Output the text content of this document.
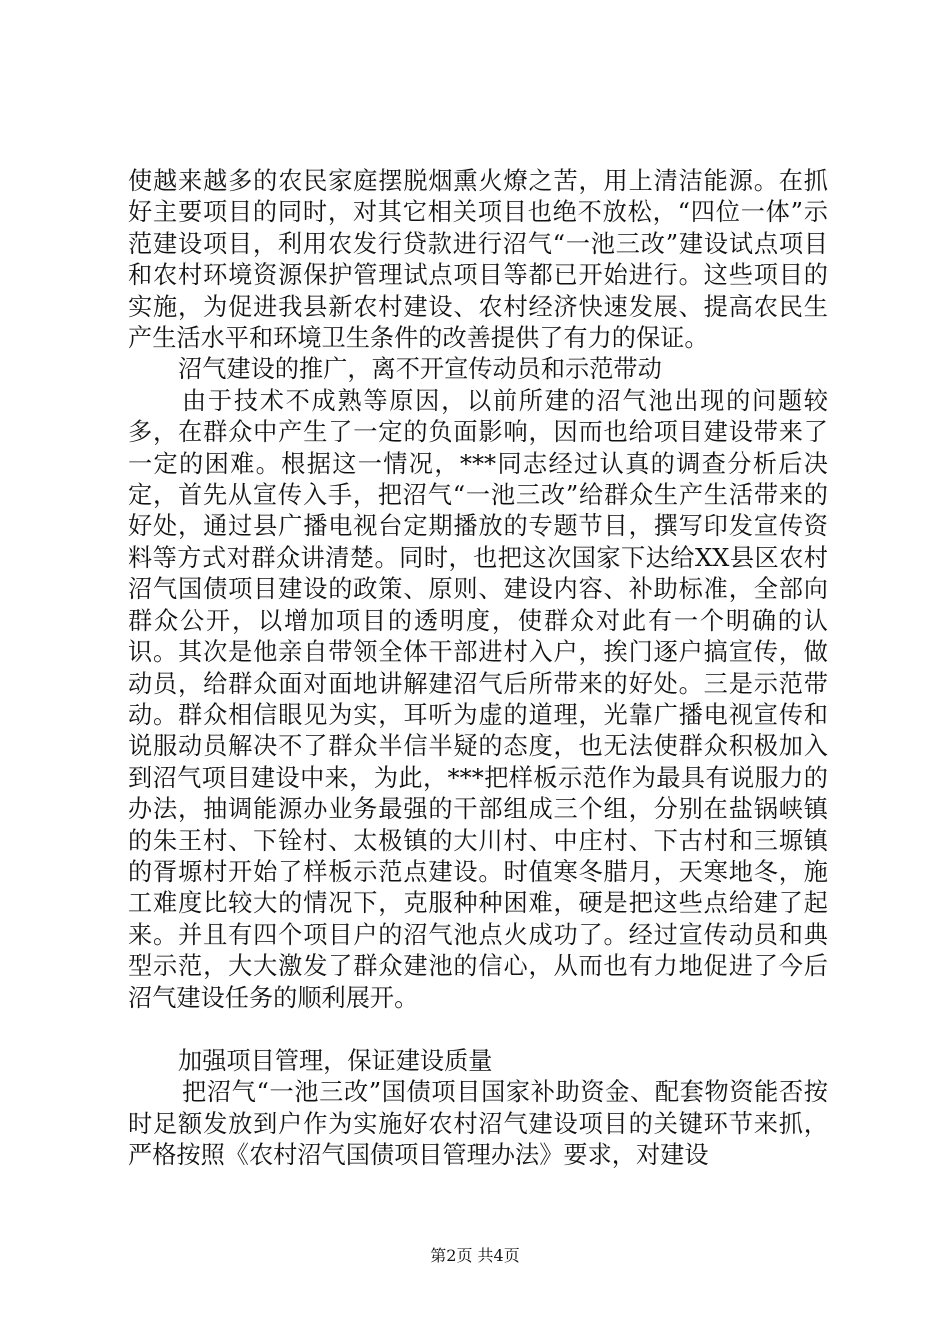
使越来越多的农民家庭摆脱烟熏火燎之苦，用上清洁能源。在抓好主要项目的同时，对其它相关项目也绝不放松，“四位一体”示范建设项目，利用农发行贷款进行沼气“一池三改”建设试点项目和农村环境资源保护管理试点项目等都已开始进行。这些项目的实施，为促进我县新农村建设、农村经济快速发展、提高农民生产生活水平和环境卫生条件的改善提供了有力的保证。

沼气建设的推广，离不开宣传动员和示范带动

由于技术不成熟等原因，以前所建的沼气池出现的问题较多，在群众中产生了一定的负面影响，因而也给项目建设带来了一定的困难。根据这一情况，***同志经过认真的调查分析后决定，首先从宣传入手，把沼气“一池三改”给群众生产生活带来的好处，通过县广播电视台定期播放的专题节目，撰写印发宣传资料等方式对群众讲清楚。同时，也把这次国家下达给XX县区农村沼气国债项目建设的政策、原则、建设内容、补助标准，全部向群众公开，以增加项目的透明度，使群众对此有一个明确的认识。其次是他亲自带领全体干部进村入户，挨门逐户搞宣传，做动员，给群众面对面地讲解建沼气后所带来的好处。三是示范带动。群众相信眼见为实，耳听为虚的道理，光靠广播电视宣传和说服动员解决不了群众半信半疑的态度，也无法使群众积极加入到沼气项目建设中来，为此，***把样板示范作为最具有说服力的办法，抽调能源办业务最强的干部组成三个组，分别在盐锅峡镇的朱王村、下铨村、太极镇的大川村、中庄村、下古村和三塬镇的胥塬村开始了样板示范点建设。时值寒冬腊月，天寒地冬，施工难度比较大的情况下，克服种种困难，硬是把这些点给建了起来。并且有四个项目户的沼气池点火成功了。经过宣传动员和典型示范，大大激发了群众建池的信心，从而也有力地促进了今后沼气建设任务的顺利展开。

加强项目管理，保证建设质量

把沼气“一池三改”国债项目国家补助资金、配套物资能否按时足额发放到户作为实施好农村沼气建设项目的关键环节来抓，严格按照《农村沼气国债项目管理办法》要求，对建设

第2页 共4页
